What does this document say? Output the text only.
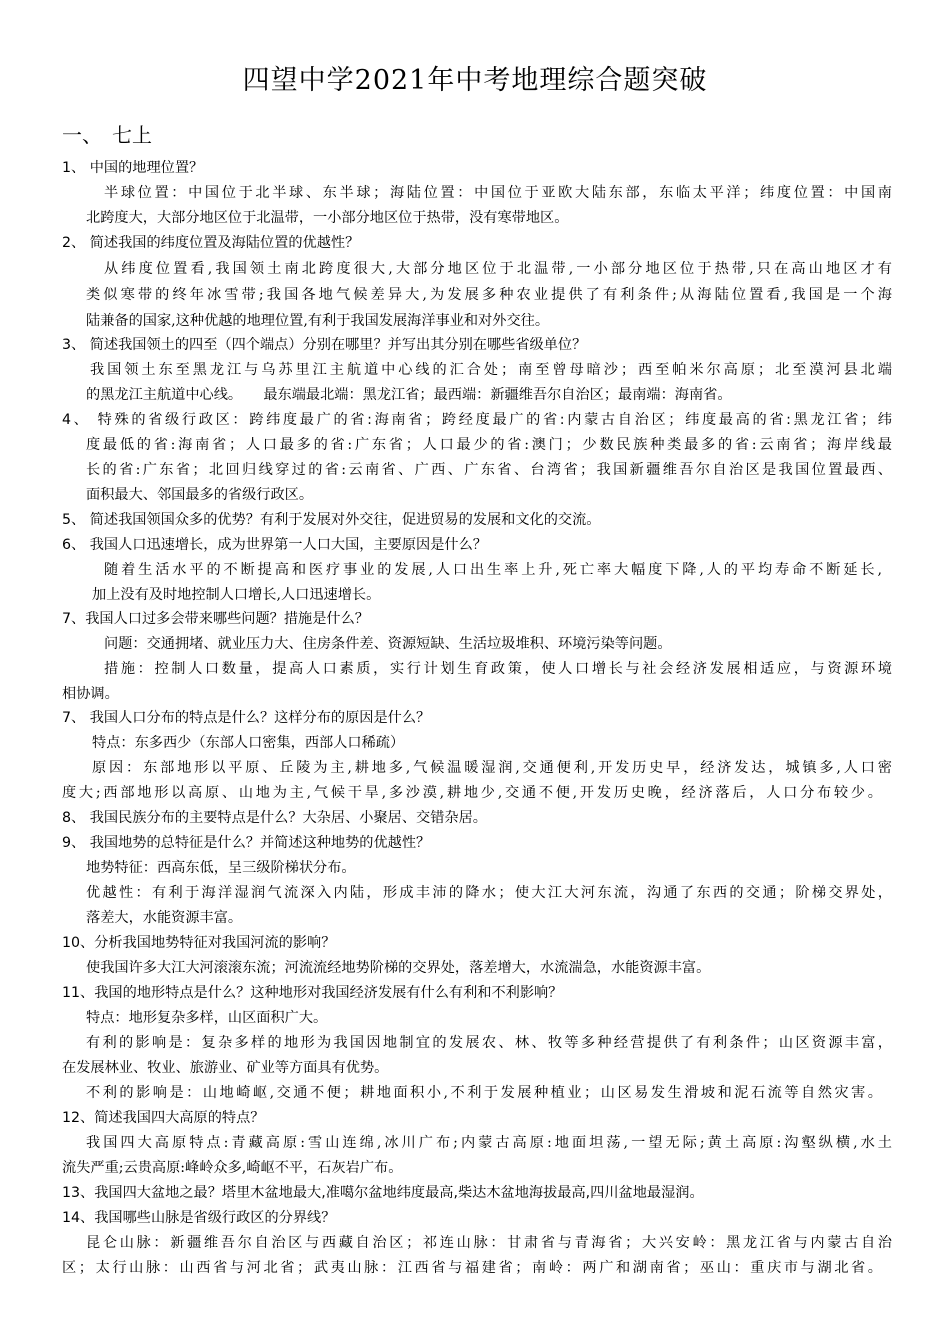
四望中学2021年中考地理综合题突破
一、　七上
1、 中国的地理位置？
半球位置：中国位于北半球、东半球；海陆位置：中国位于亚欧大陆东部，东临太平洋；纬度位置：中国南
北跨度大，大部分地区位于北温带，一小部分地区位于热带，没有寒带地区。
2、 简述我国的纬度位置及海陆位置的优越性？
从纬度位置看,我国领土南北跨度很大,大部分地区位于北温带,一小部分地区位于热带,只在高山地区才有
类似寒带的终年冰雪带;我国各地气候差异大,为发展多种农业提供了有利条件;从海陆位置看,我国是一个海
陆兼备的国家,这种优越的地理位置,有利于我国发展海洋事业和对外交往。
3、 简述我国领土的四至（四个端点）分别在哪里？并写出其分别在哪些省级单位？
我国领土东至黑龙江与乌苏里江主航道中心线的汇合处；南至曾母暗沙；西至帕米尔高原；北至漠河县北端
的黑龙江主航道中心线。　　最东端最北端：黑龙江省；最西端：新疆维吾尔自治区；最南端：海南省。
4、 特殊的省级行政区：跨纬度最广的省:海南省；跨经度最广的省:内蒙古自治区；纬度最高的省:黑龙江省；纬
度最低的省:海南省；人口最多的省:广东省；人口最少的省:澳门；少数民族种类最多的省:云南省；海岸线最
长的省:广东省；北回归线穿过的省:云南省、广西、广东省、台湾省；我国新疆维吾尔自治区是我国位置最西、
面积最大、邻国最多的省级行政区。
5、 简述我国领国众多的优势？有利于发展对外交往，促进贸易的发展和文化的交流。
6、 我国人口迅速增长，成为世界第一人口大国，主要原因是什么？
随着生活水平的不断提高和医疗事业的发展,人口出生率上升,死亡率大幅度下降,人的平均寿命不断延长,
加上没有及时地控制人口增长,人口迅速增长。
7、我国人口过多会带来哪些问题？措施是什么？
问题：交通拥堵、就业压力大、住房条件差、资源短缺、生活垃圾堆积、环境污染等问题。
措施：控制人口数量，提高人口素质，实行计划生育政策，使人口增长与社会经济发展相适应，与资源环境
相协调。
7、 我国人口分布的特点是什么？这样分布的原因是什么？
特点：东多西少（东部人口密集，西部人口稀疏）
原因：东部地形以平原、丘陵为主,耕地多,气候温暖湿润,交通便利,开发历史早，经济发达，城镇多,人口密
度大;西部地形以高原、山地为主,气候干旱,多沙漠,耕地少,交通不便,开发历史晚，经济落后，人口分布较少。
8、 我国民族分布的主要特点是什么？大杂居、小聚居、交错杂居。
9、 我国地势的总特征是什么？并简述这种地势的优越性？
地势特征：西高东低，呈三级阶梯状分布。
优越性：有利于海洋湿润气流深入内陆，形成丰沛的降水；使大江大河东流，沟通了东西的交通；阶梯交界处，
落差大，水能资源丰富。
10、分析我国地势特征对我国河流的影响？
使我国许多大江大河滚滚东流；河流流经地势阶梯的交界处，落差增大，水流湍急，水能资源丰富。
11、我国的地形特点是什么？这种地形对我国经济发展有什么有利和不利影响？
特点：地形复杂多样，山区面积广大。
有利的影响是：复杂多样的地形为我国因地制宜的发展农、林、牧等多种经营提供了有利条件；山区资源丰富，
在发展林业、牧业、旅游业、矿业等方面具有优势。
不利的影响是：山地崎岖,交通不便；耕地面积小,不利于发展种植业；山区易发生滑坡和泥石流等自然灾害。
12、简述我国四大高原的特点？
我国四大高原特点:青藏高原:雪山连绵,冰川广布;内蒙古高原:地面坦荡,一望无际;黄土高原:沟壑纵横,水土
流失严重;云贵高原:峰岭众多,崎岖不平，石灰岩广布。
13、我国四大盆地之最？塔里木盆地最大,准噶尔盆地纬度最高,柴达木盆地海拔最高,四川盆地最湿润。
14、我国哪些山脉是省级行政区的分界线？
昆仑山脉：新疆维吾尔自治区与西藏自治区；祁连山脉：甘肃省与青海省；大兴安岭：黑龙江省与内蒙古自治
区；太行山脉：山西省与河北省；武夷山脉：江西省与福建省；南岭：两广和湖南省；巫山：重庆市与湖北省。
